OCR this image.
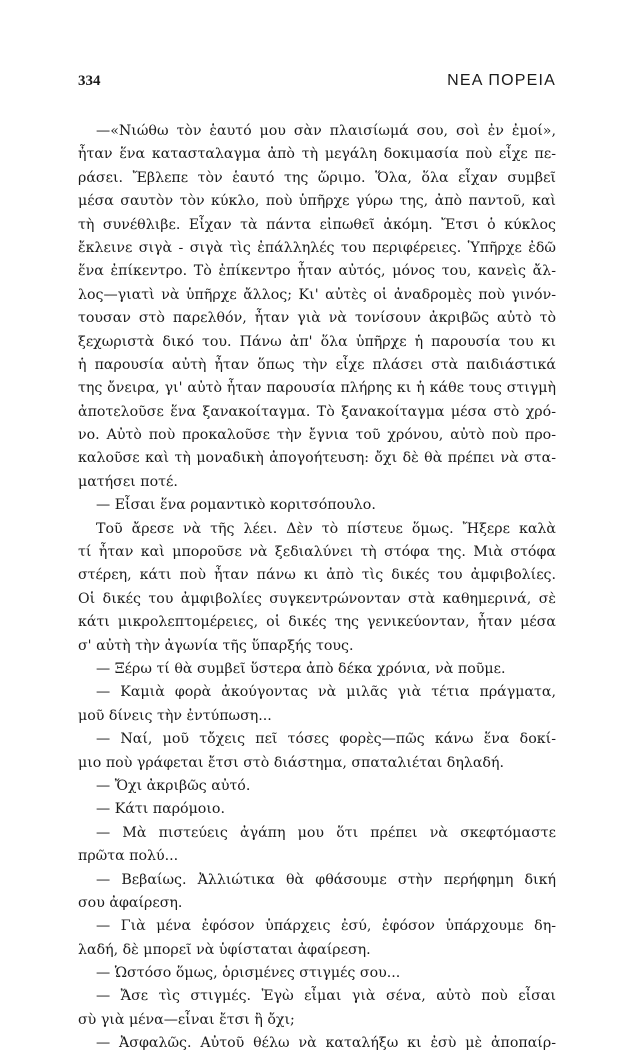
334	ΝΕΑ ΠΟΡΕΙΑ
—«Νιώθω τὸν ἑαυτό μου σὰν πλαισίωμά σου, σοὶ ἐν ἐμοί»,
ἦταν ἕνα κατασταλαγμα ἀπὸ τὴ μεγάλη δοκιμασία ποὺ εἶχε πε-
ράσει. Ἔβλεπε τὸν ἑαυτό της ὥριμο. Ὅλα, ὅλα εἶχαν συμβεῖ
μέσα σαυτὸν τὸν κύκλο, ποὺ ὑπῆρχε γύρω της, ἀπὸ παντοῦ, καὶ
τὴ συνέθλιβε. Εἶχαν τὰ πάντα εἰπωθεῖ ἀκόμη. Ἔτσι ὁ κύκλος
ἔκλεινε σιγὰ - σιγὰ τὶς ἐπάλληλές του περιφέρειες. Ὑπῆρχε ἐδῶ
ἕνα ἐπίκεντρο. Τὸ ἐπίκεντρο ἦταν αὐτός, μόνος του, κανεὶς ἄλ-
λος—γιατὶ νὰ ὑπῆρχε ἄλλος; Κι' αὐτὲς οἱ ἀναδρομὲς ποὺ γινόν-
τουσαν στὸ παρελθόν, ἦταν γιὰ νὰ τονίσουν ἀκριβῶς αὐτὸ τὸ
ξεχωριστὰ δικό του. Πάνω ἀπ' ὅλα ὑπῆρχε ἡ παρουσία του κι
ἡ παρουσία αὐτὴ ἦταν ὅπως τὴν εἶχε πλάσει στὰ παιδιάστικά
της ὄνειρα, γι' αὐτὸ ἦταν παρουσία πλήρης κι ἡ κάθε τους στιγμὴ
ἀποτελοῦσε ἕνα ξανακοίταγμα. Τὸ ξανακοίταγμα μέσα στὸ χρό-
νο. Αὐτὸ ποὺ προκαλοῦσε τὴν ἔγνια τοῦ χρόνου, αὐτὸ ποὺ προ-
καλοῦσε καὶ τὴ μοναδικὴ ἀπογοήτευση: ὄχι δὲ θὰ πρέπει νὰ στα-
ματήσει ποτέ.
— Εἶσαι ἕνα ρομαντικὸ κοριτσόπουλο.
Τοῦ ἄρεσε νὰ τῆς λέει. Δὲν τὸ πίστευε ὅμως. Ἤξερε καλὰ
τί ἦταν καὶ μποροῦσε νὰ ξεδιαλύνει τὴ στόφα της. Μιὰ στόφα
στέρεη, κάτι ποὺ ἦταν πάνω κι ἀπὸ τὶς δικές του ἀμφιβολίες.
Οἱ δικές του ἀμφιβολίες συγκεντρώνονταν στὰ καθημερινά, σὲ
κάτι μικρολεπτομέρειες, οἱ δικές της γενικεύονταν, ἦταν μέσα
σ' αὐτὴ τὴν ἀγωνία τῆς ὕπαρξής τους.
— Ξέρω τί θὰ συμβεῖ ὕστερα ἀπὸ δέκα χρόνια, νὰ ποῦμε.
— Καμιὰ φορὰ ἀκούγοντας νὰ μιλᾶς γιὰ τέτια πράγματα,
μοῦ δίνεις τὴν ἐντύπωση...
— Ναί, μοῦ τὄχεις πεῖ τόσες φορὲς—πῶς κάνω ἕνα δοκί-
μιο ποὺ γράφεται ἔτσι στὸ διάστημα, σπαταλιέται δηλαδή.
— Ὄχι ἀκριβῶς αὐτό.
— Κάτι παρόμοιο.
— Μὰ πιστεύεις ἀγάπη μου ὅτι πρέπει νὰ σκεφτόμαστε
πρῶτα πολύ...
— Βεβαίως. Ἀλλιώτικα θὰ φθάσουμε στὴν περήφημη δική
σου ἀφαίρεση.
— Γιὰ μένα ἐφόσον ὑπάρχεις ἐσύ, ἐφόσον ὑπάρχουμε δη-
λαδή, δὲ μπορεῖ νὰ ὑφίσταται ἀφαίρεση.
— Ὡστόσο ὅμως, ὁρισμένες στιγμές σου...
— Ἄσε τὶς στιγμές. Ἐγὼ εἶμαι γιὰ σένα, αὐτὸ ποὺ εἶσαι
σὺ γιὰ μένα—εἶναι ἔτσι ἢ ὄχι;
— Ἀσφαλῶς. Αὐτοῦ θέλω νὰ καταλήξω κι ἐσὺ μὲ ἀποπαίρ-
